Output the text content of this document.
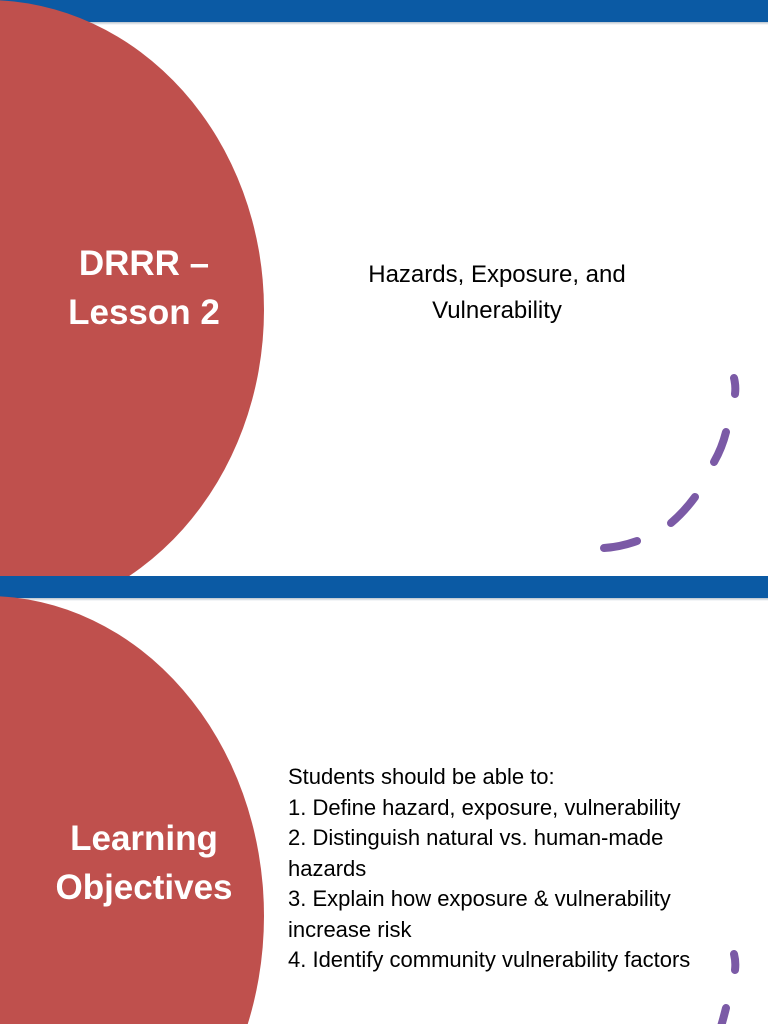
DRRR –
Lesson 2
Hazards, Exposure, and
Vulnerability
Learning
Objectives
Students should be able to:
1. Define hazard, exposure, vulnerability
2. Distinguish natural vs. human-made hazards
3. Explain how exposure & vulnerability increase risk
4. Identify community vulnerability factors
